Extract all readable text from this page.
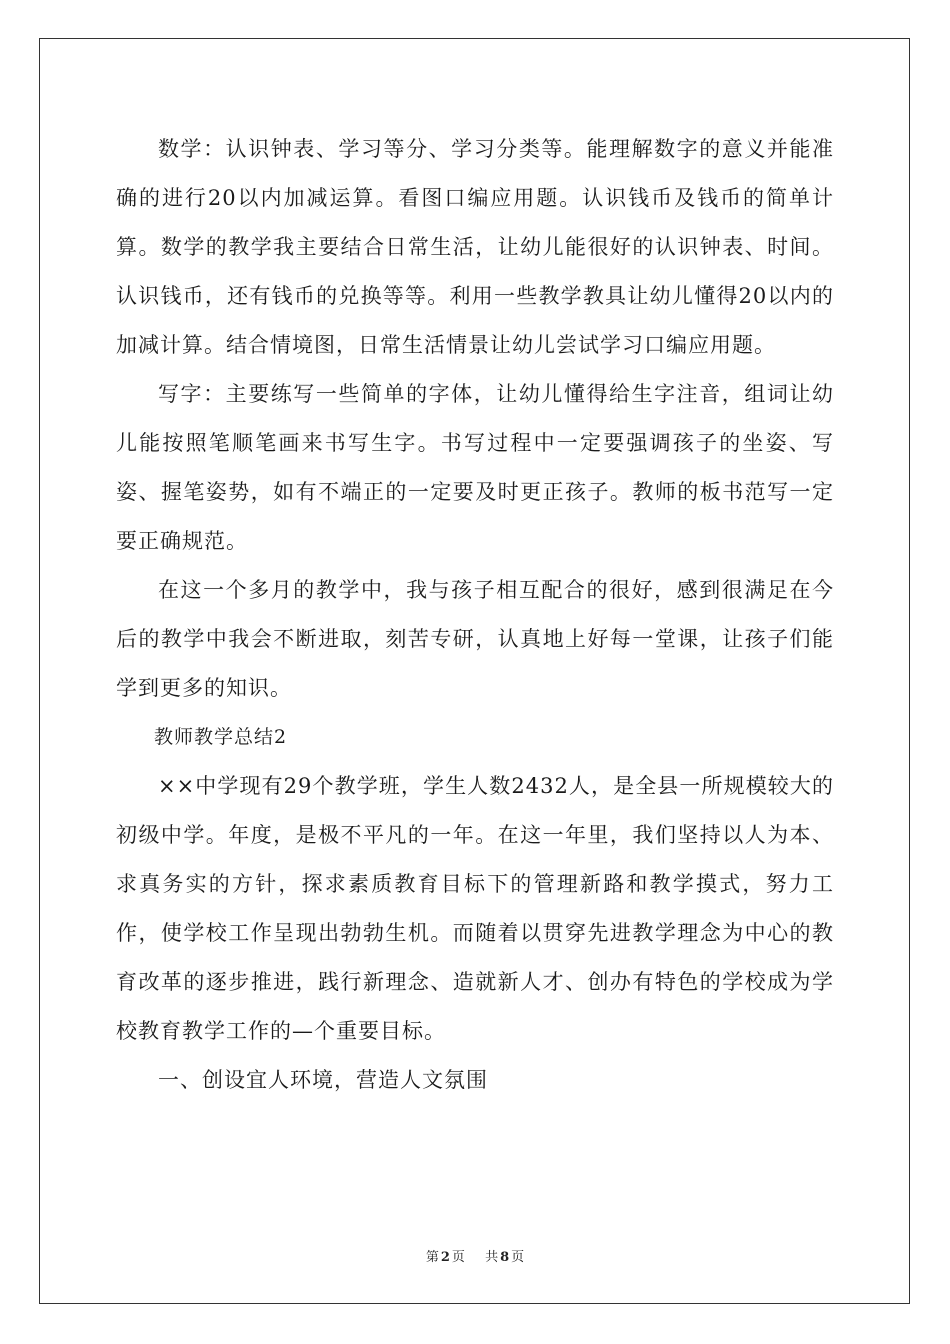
数学：认识钟表、学习等分、学习分类等。能理解数字的意义并能准确的进行20以内加减运算。看图口编应用题。认识钱币及钱币的简单计算。数学的教学我主要结合日常生活，让幼儿能很好的认识钟表、时间。认识钱币，还有钱币的兑换等等。利用一些教学教具让幼儿懂得20以内的加减计算。结合情境图，日常生活情景让幼儿尝试学习口编应用题。

写字：主要练写一些简单的字体，让幼儿懂得给生字注音，组词让幼儿能按照笔顺笔画来书写生字。书写过程中一定要强调孩子的坐姿、写姿、握笔姿势，如有不端正的一定要及时更正孩子。教师的板书范写一定要正确规范。

在这一个多月的教学中，我与孩子相互配合的很好，感到很满足在今后的教学中我会不断进取，刻苦专研，认真地上好每一堂课，让孩子们能学到更多的知识。

教师教学总结2

××中学现有29个教学班，学生人数2432人，是全县一所规模较大的初级中学。年度，是极不平凡的一年。在这一年里，我们坚持以人为本、求真务实的方针，探求素质教育目标下的管理新路和教学摸式，努力工作，使学校工作呈现出勃勃生机。而随着以贯穿先进教学理念为中心的教育改革的逐步推进，践行新理念、造就新人才、创办有特色的学校成为学校教育教学工作的—个重要目标。

一、创设宜人环境，营造人文氛围

第 2 页 共 8 页
